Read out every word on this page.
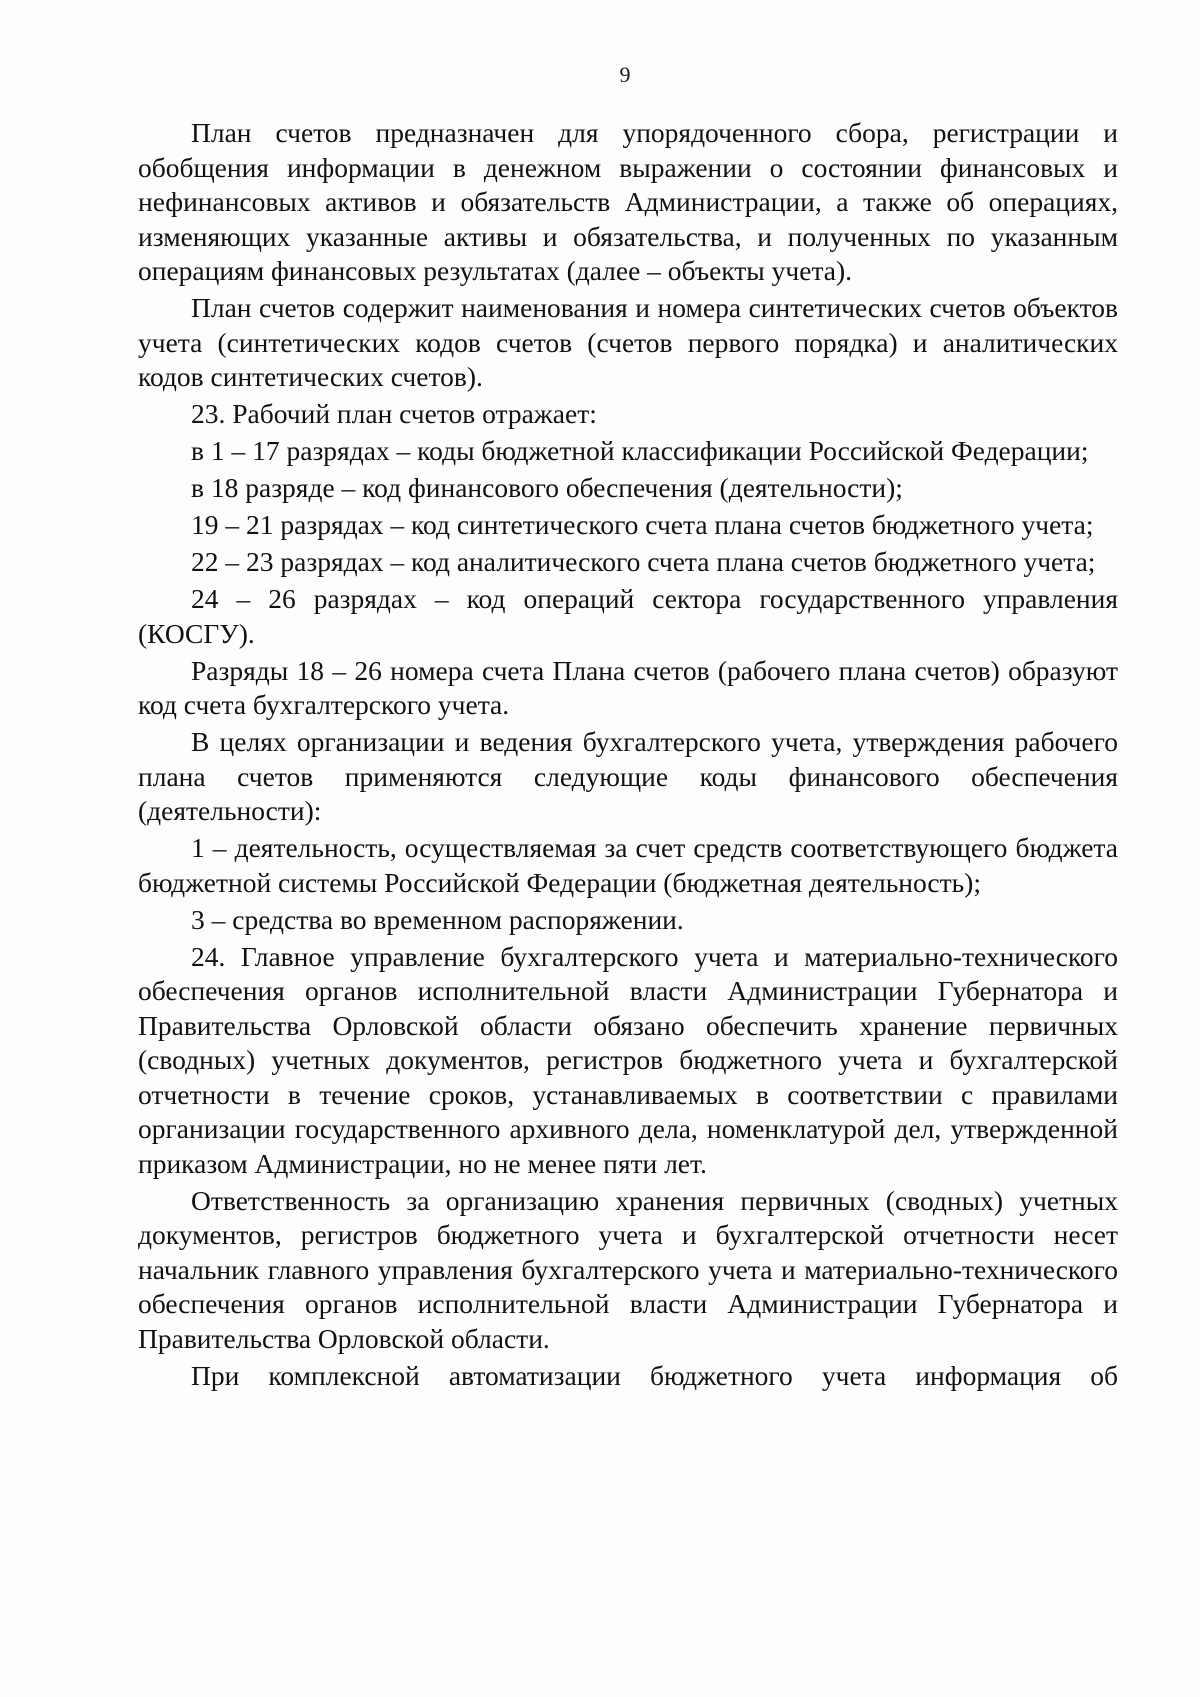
9

План счетов предназначен для упорядоченного сбора, регистрации и обобщения информации в денежном выражении о состоянии финансовых и нефинансовых активов и обязательств Администрации, а также об операциях, изменяющих указанные активы и обязательства, и полученных по указанным операциям финансовых результатах (далее – объекты учета).

План счетов содержит наименования и номера синтетических счетов объектов учета (синтетических кодов счетов (счетов первого порядка) и аналитических кодов синтетических счетов).

23. Рабочий план счетов отражает:

в 1 – 17 разрядах – коды бюджетной классификации Российской Федерации;

в 18 разряде – код финансового обеспечения (деятельности);

19 – 21 разрядах – код синтетического счета плана счетов бюджетного учета;

22 – 23 разрядах – код аналитического счета плана счетов бюджетного учета;

24 – 26 разрядах – код операций сектора государственного управления (КОСГУ).

Разряды 18 – 26 номера счета Плана счетов (рабочего плана счетов) образуют код счета бухгалтерского учета.

В целях организации и ведения бухгалтерского учета, утверждения рабочего плана счетов применяются следующие коды финансового обеспечения (деятельности):

1 – деятельность, осуществляемая за счет средств соответствующего бюджета бюджетной системы Российской Федерации (бюджетная деятельность);

3 – средства во временном распоряжении.

24. Главное управление бухгалтерского учета и материально-технического обеспечения органов исполнительной власти Администрации Губернатора и Правительства Орловской области обязано обеспечить хранение первичных (сводных) учетных документов, регистров бюджетного учета и бухгалтерской отчетности в течение сроков, устанавливаемых в соответствии с правилами организации государственного архивного дела, номенклатурой дел, утвержденной приказом Администрации, но не менее пяти лет.

Ответственность за организацию хранения первичных (сводных) учетных документов, регистров бюджетного учета и бухгалтерской отчетности несет начальник главного управления бухгалтерского учета и материально-технического обеспечения органов исполнительной власти Администрации Губернатора и Правительства Орловской области.

При комплексной автоматизации бюджетного учета информация об
